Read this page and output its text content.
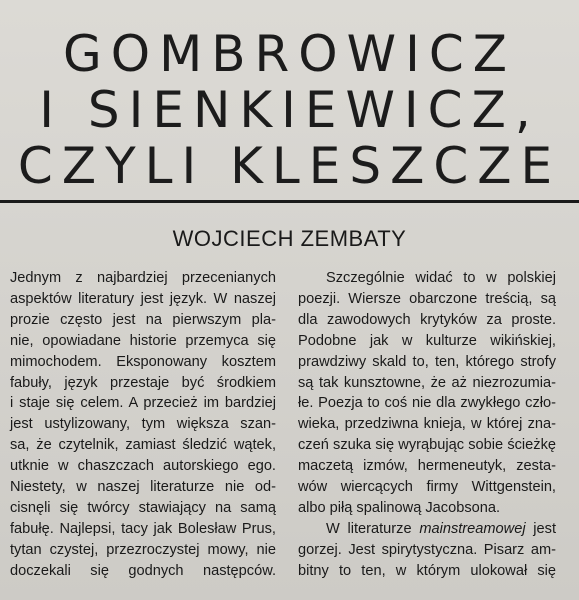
GOMBROWICZ
I SIENKIEWICZ,
CZYLI KLESZCZE
WOJCIECH ZEMBATY
Jednym z najbardziej przecenianych
aspektów literatury jest język. W naszej
prozie często jest na pierwszym pla-
nie, opowiadane historie przemyca się
mimochodem. Eksponowany kosztem
fabuły, język przestaje być środkiem
i staje się celem. A przecież im bardziej
jest ustylizowany, tym większa szan-
sa, że czytelnik, zamiast śledzić wątek,
utknie w chaszczach autorskiego ego.
Niestety, w naszej literaturze nie od-
cisnęli się twórcy stawiający na samą
fabułę. Najlepsi, tacy jak Bolesław Prus,
tytan czystej, przezroczystej mowy, nie
doczekali się godnych następców.
Szczególnie widać to w polskiej
poezji. Wiersze obarczone treścią, są
dla zawodowych krytyków za proste.
Podobne jak w kulturze wikińskiej,
prawdziwy skald to, ten, którego strofy
są tak kunsztowne, że aż niezrozumia-
łe. Poezja to coś nie dla zwykłego czło-
wieka, przedziwna knieja, w której zna-
czeń szuka się wyrąbując sobie ścieżkę
maczetą izmów, hermeneutyk, zesta-
wów wiercących firmy Wittgenstein,
albo piłą spalinową Jacobsona.
W literaturze mainstreamowej jest
gorzej. Jest spirytystyczna. Pisarz am-
bitny to ten, w którym ulokował się
